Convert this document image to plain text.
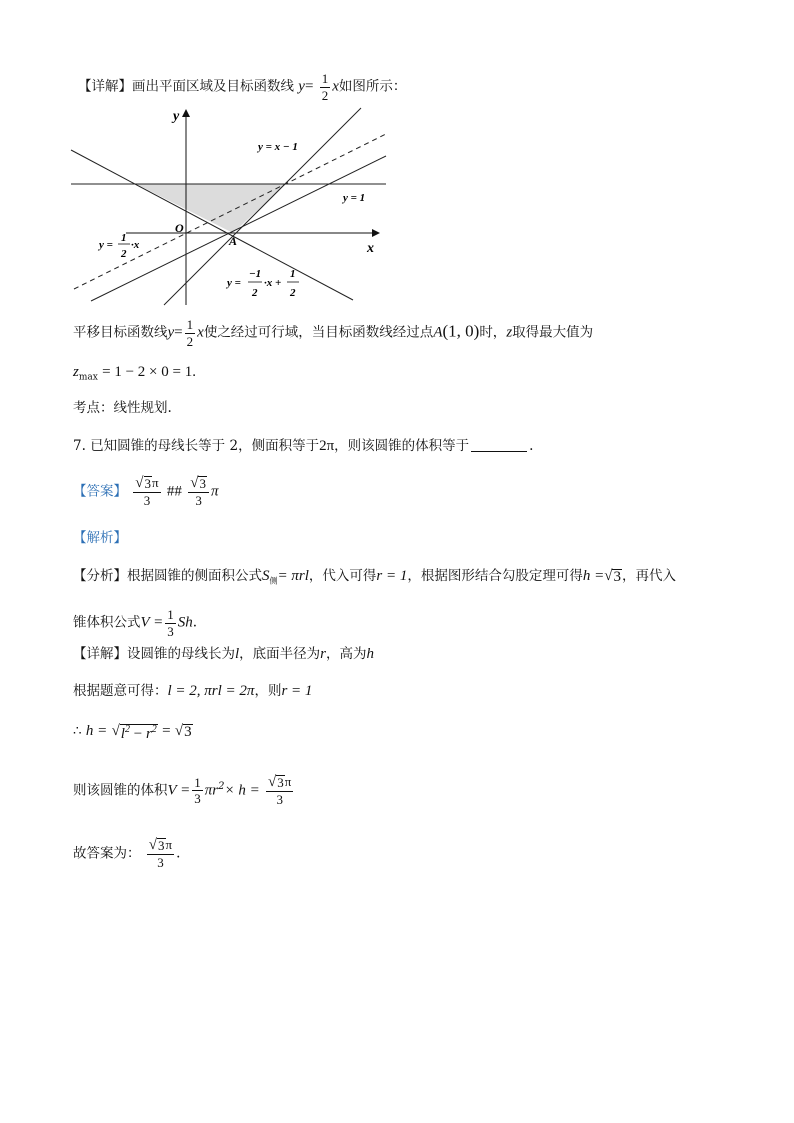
【详解】画出平面区域及目标函数线 $y= \frac{1}{2}$ x如图所示：
y
x
O
A
y = x − 1
y = 1
y =
1
2
·x
y =
−1
2
·x +
1
2
平移目标函数线$y= \frac{1}{2}$ x使之经过可行域，当目标函数线经过点A(1, 0)时，z取得最大值为
$z_{max} = 1 - 2 \times 0 = 1$.
考点：线性规划.
7. 已知圆锥的母线长等于 2，侧面积等于2π，则该圆锥的体积等于	.
【答案】 $\frac{√ 3 \pi}{3}$ ## $\frac{√ 3}{3}$ π
【解析】
【分析】根据圆锥的侧面积公式$S_侧= \pi rl$，代入可得r = 1，根据图形结合勾股定理可得h = √ 3 ，再代入
锥体积公式$V = \frac{1}{3} Sh$.
【详解】设圆锥的母线长为l，底面半径为r，高为h
根据题意可得：l = 2, πrl = 2π，则r = 1
∴ h = √ $l^2 - r^2$ = √ 3
则该圆锥的体积$V = \frac{1}{3} \pi r^2\times h = \frac{√ 3 \pi}{3}$
故答案为： $\frac{√ 3 \pi}{3}$ .
